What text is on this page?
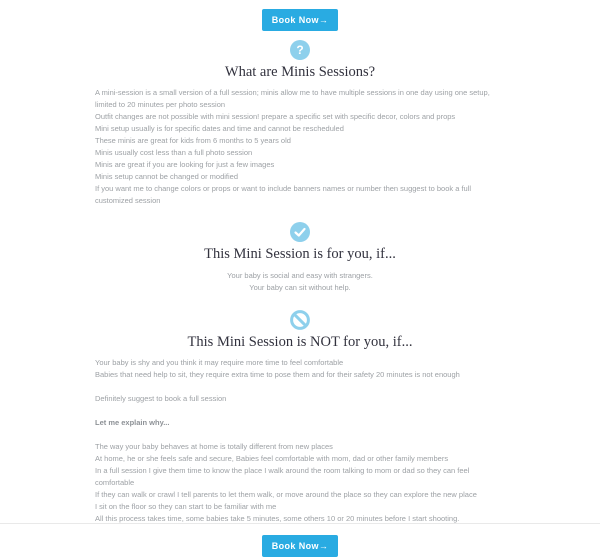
Book Now→
?
What are Minis Sessions?

A mini-session is a small version of a full session; minis allow me to have multiple sessions in one day using one setup, limited to 20 minutes per photo session

Outfit changes are not possible with mini session! prepare a specific set with specific decor, colors and props

Mini setup usually is for specific dates and time and cannot be rescheduled

These minis are great for kids from 6 months to 5 years old

Minis usually cost less than a full photo session

Minis are great if you are looking for just a few images

Minis setup cannot be changed or modified

If you want me to change colors or props or want to include banners names or number then suggest to book a full customized session

This Mini Session is for you, if...

Your baby is social and easy with strangers.

Your baby can sit without help.

This Mini Session is NOT for you, if...

Your baby is shy and you think it may require more time to feel comfortable

Babies that need help to sit, they require extra time to pose them and for their safety 20 minutes is not enough

Definitely suggest to book a full session

Let me explain why...

The way your baby behaves at home is totally different from new places

At home, he or she feels safe and secure, Babies feel comfortable with mom, dad or other family members

In a full session I give them time to know the place I walk around the room talking to mom or dad so they can feel comfortable

If they can walk or crawl I tell parents to let them walk, or move around the place so they can explore the new place

I sit on the floor so they can start to be familiar with me

All this process takes time, some babies take 5 minutes, some others 10 or 20 minutes before I start shooting.

Book Now→
